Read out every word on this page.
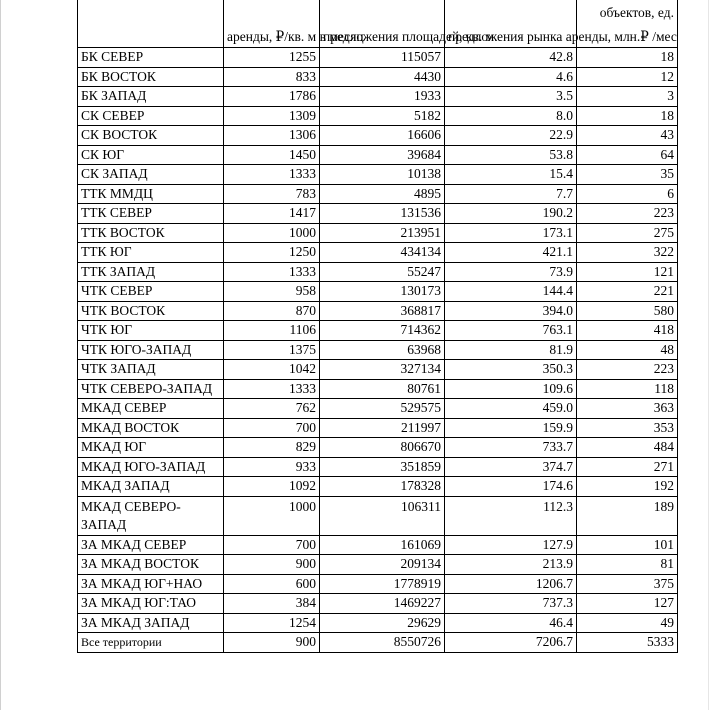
	аренды, ₽/кв. м в месяц	предложения площадей, кв. м.	предложения рынка аренды, млн.₽ /мес	объектов, ед.
БК СЕВЕР	1255	115057	42.8	18
БК ВОСТОК	833	4430	4.6	12
БК ЗАПАД	1786	1933	3.5	3
СК СЕВЕР	1309	5182	8.0	18
СК ВОСТОК	1306	16606	22.9	43
СК ЮГ	1450	39684	53.8	64
СК ЗАПАД	1333	10138	15.4	35
ТТК ММДЦ	783	4895	7.7	6
ТТК СЕВЕР	1417	131536	190.2	223
ТТК ВОСТОК	1000	213951	173.1	275
ТТК ЮГ	1250	434134	421.1	322
ТТК ЗАПАД	1333	55247	73.9	121
ЧТК СЕВЕР	958	130173	144.4	221
ЧТК ВОСТОК	870	368817	394.0	580
ЧТК ЮГ	1106	714362	763.1	418
ЧТК ЮГО-ЗАПАД	1375	63968	81.9	48
ЧТК ЗАПАД	1042	327134	350.3	223
ЧТК СЕВЕРО-ЗАПАД	1333	80761	109.6	118
МКАД СЕВЕР	762	529575	459.0	363
МКАД ВОСТОК	700	211997	159.9	353
МКАД ЮГ	829	806670	733.7	484
МКАД ЮГО-ЗАПАД	933	351859	374.7	271
МКАД ЗАПАД	1092	178328	174.6	192
МКАД СЕВЕРО-ЗАПАД	1000	106311	112.3	189
ЗА МКАД СЕВЕР	700	161069	127.9	101
ЗА МКАД ВОСТОК	900	209134	213.9	81
ЗА МКАД ЮГ+НАО	600	1778919	1206.7	375
ЗА МКАД ЮГ:ТАО	384	1469227	737.3	127
ЗА МКАД ЗАПАД	1254	29629	46.4	49
Все территории	900	8550726	7206.7	5333
